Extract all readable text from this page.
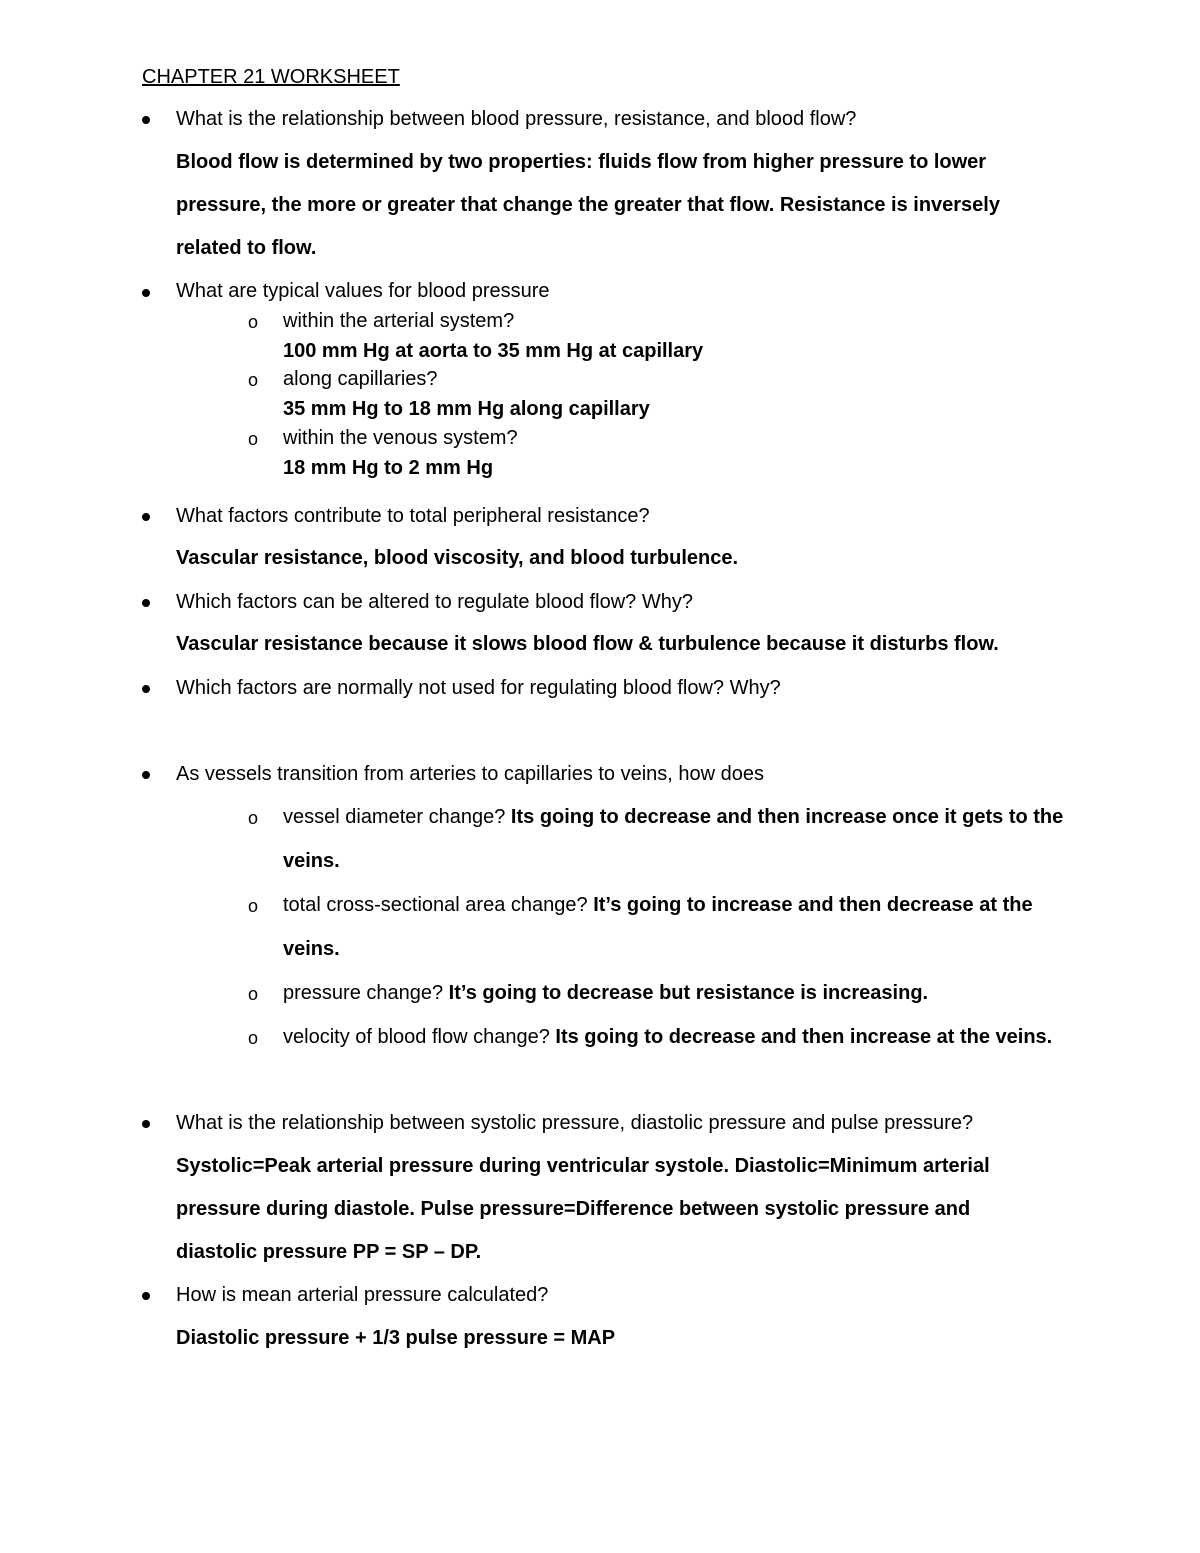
CHAPTER 21 WORKSHEET
What is the relationship between blood pressure, resistance, and blood flow?
Blood flow is determined by two properties: fluids flow from higher pressure to lower pressure, the more or greater that change the greater that flow. Resistance is inversely related to flow.
What are typical values for blood pressure
o within the arterial system?
100 mm Hg at aorta to 35 mm Hg at capillary
o along capillaries?
35 mm Hg to 18 mm Hg along capillary
o within the venous system?
18 mm Hg to 2 mm Hg
What factors contribute to total peripheral resistance?
Vascular resistance, blood viscosity, and blood turbulence.
Which factors can be altered to regulate blood flow? Why?
Vascular resistance because it slows blood flow & turbulence because it disturbs flow.
Which factors are normally not used for regulating blood flow? Why?
As vessels transition from arteries to capillaries to veins, how does
o vessel diameter change? Its going to decrease and then increase once it gets to the veins.
o total cross-sectional area change? It’s going to increase and then decrease at the veins.
o pressure change? It’s going to decrease but resistance is increasing.
o velocity of blood flow change? Its going to decrease and then increase at the veins.
What is the relationship between systolic pressure, diastolic pressure and pulse pressure?
Systolic=Peak arterial pressure during ventricular systole. Diastolic=Minimum arterial pressure during diastole. Pulse pressure=Difference between systolic pressure and diastolic pressure PP = SP – DP.
How is mean arterial pressure calculated?
Diastolic pressure + 1/3 pulse pressure = MAP
